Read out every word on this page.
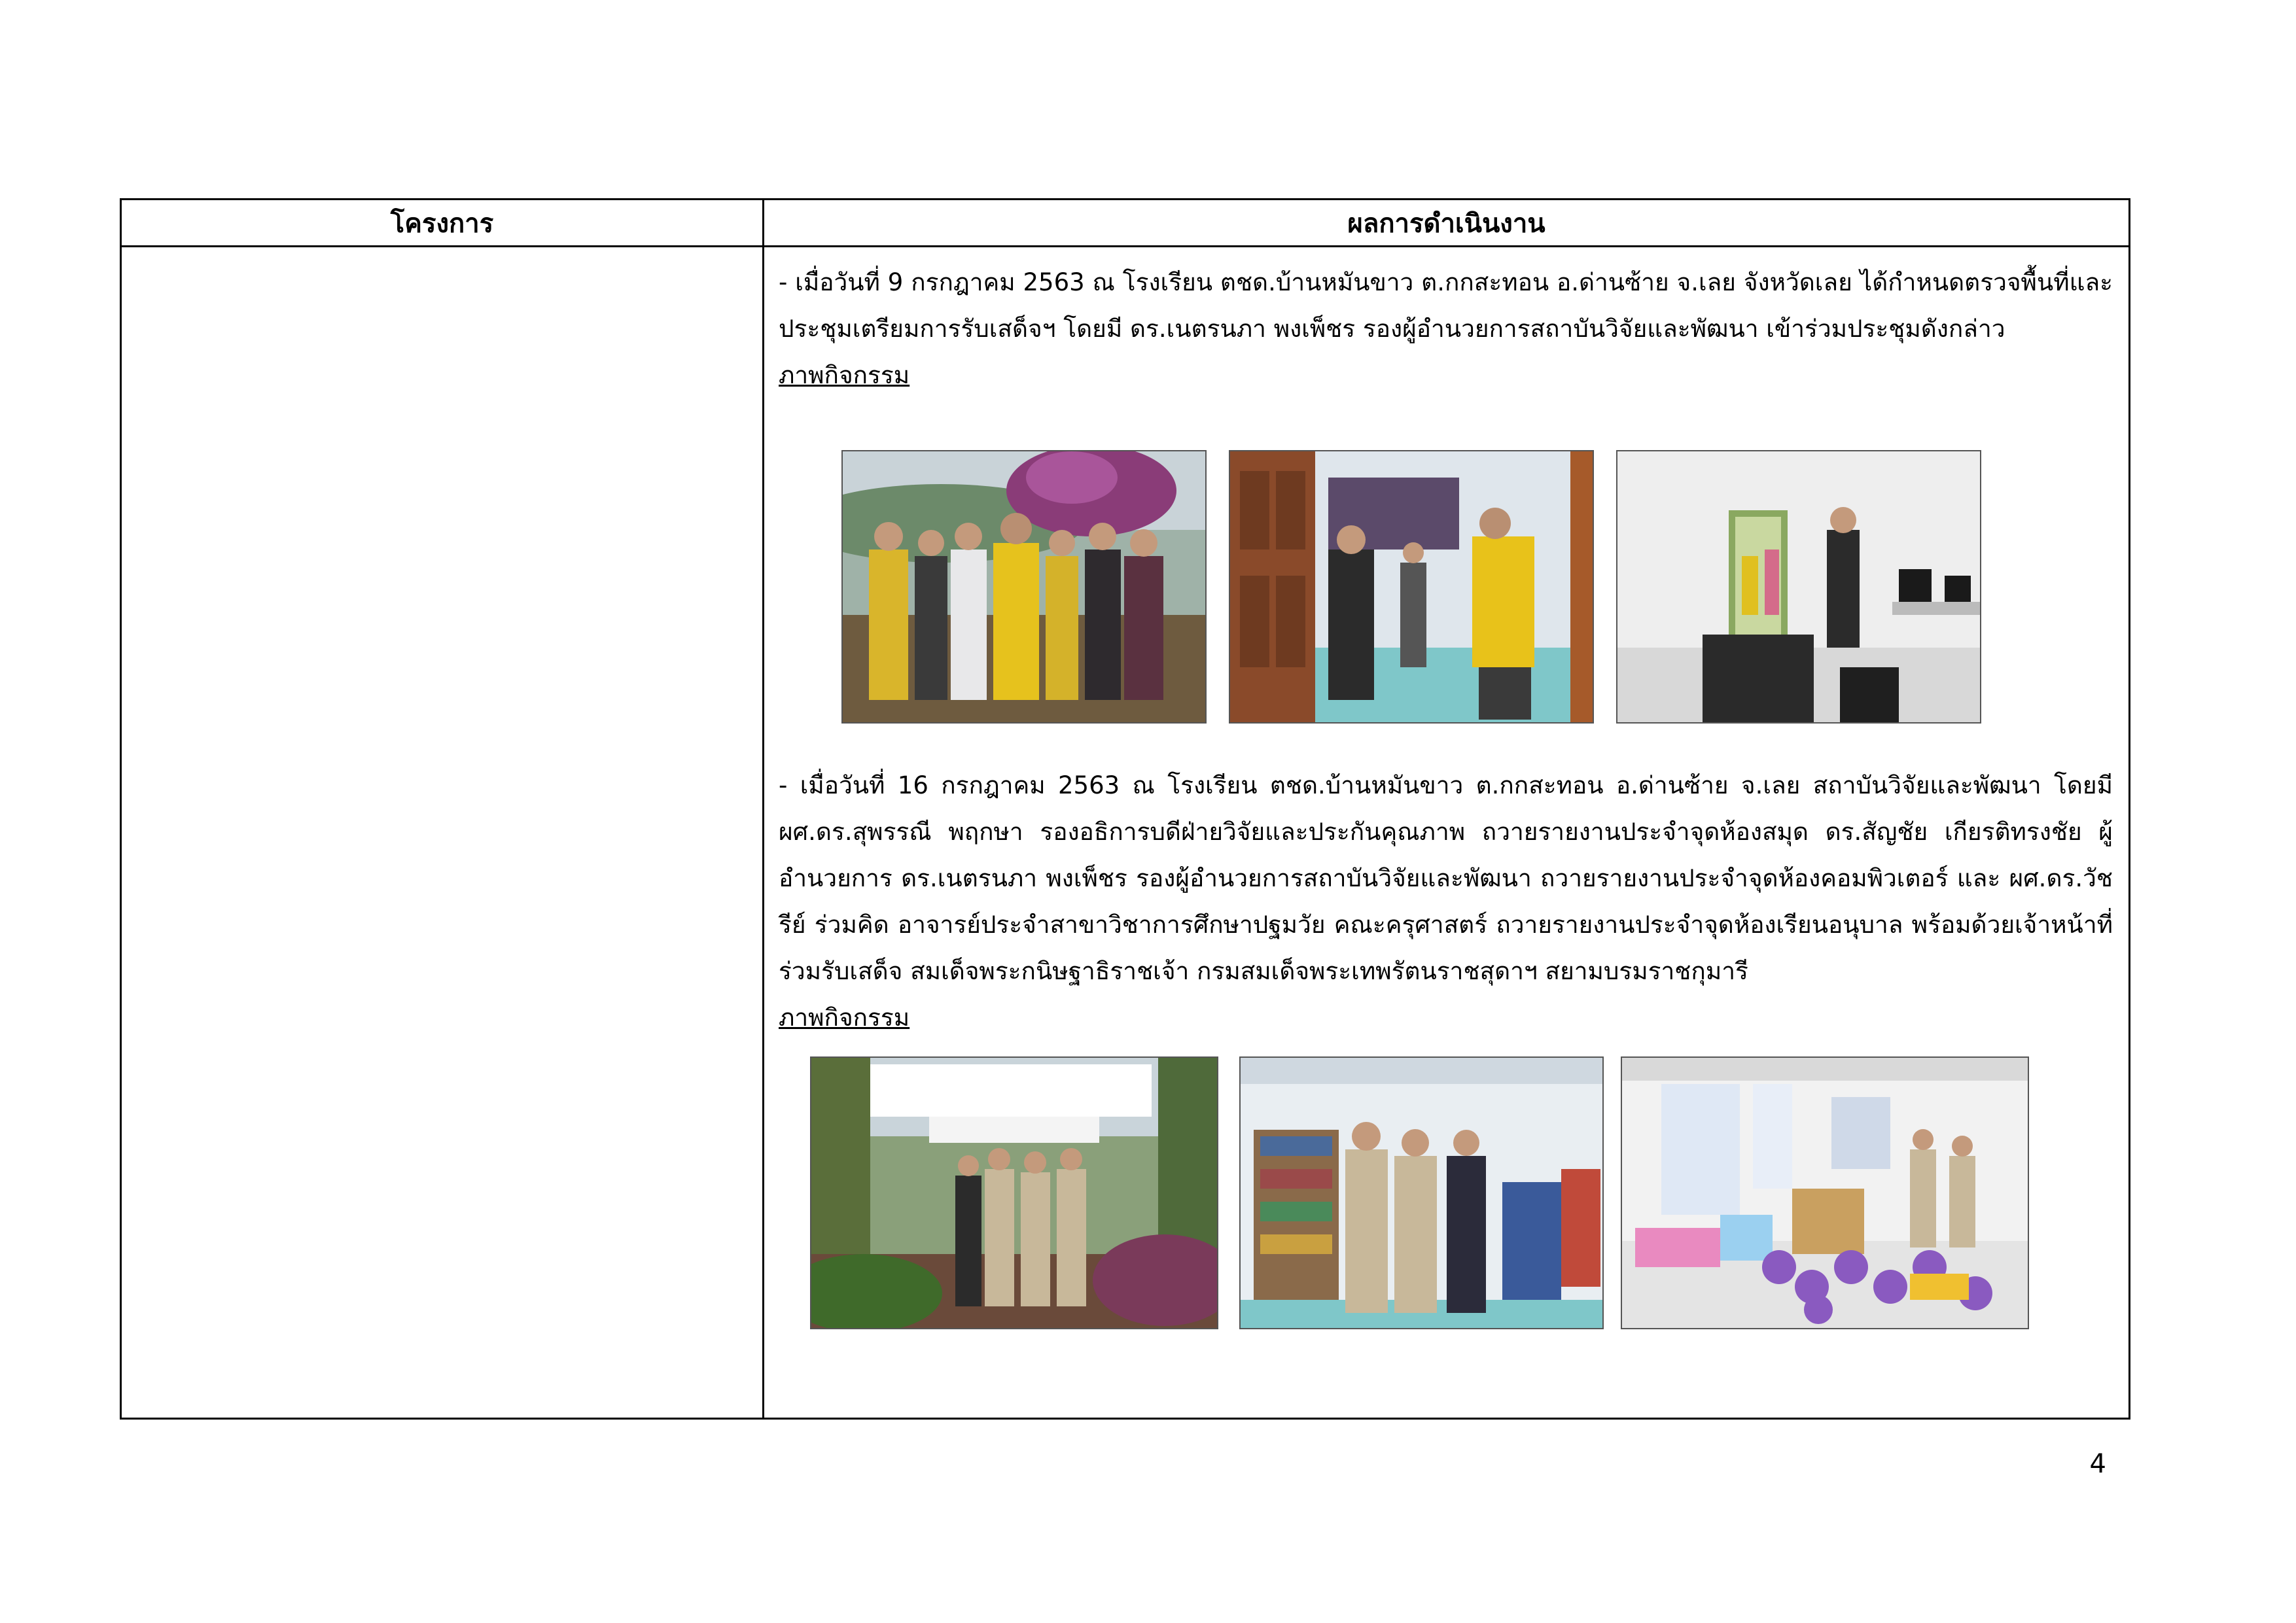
โครงการ	ผลการดำเนินงาน

	- เมื่อวันที่ 9 กรกฎาคม 2563 ณ โรงเรียน ตชด.บ้านหมันขาว ต.กกสะทอน อ.ด่านซ้าย จ.เลย จังหวัดเลย ได้กำหนดตรวจพื้นที่และประชุมเตรียมการรับเสด็จฯ โดยมี ดร.เนตรนภา พงเพ็ชร รองผู้อำนวยการสถาบันวิจัยและพัฒนา เข้าร่วมประชุมดังกล่าว

ภาพกิจกรรม

- เมื่อวันที่ 16 กรกฎาคม 2563 ณ โรงเรียน ตชด.บ้านหมันขาว ต.กกสะทอน อ.ด่านซ้าย จ.เลย สถาบันวิจัยและพัฒนา โดยมี ผศ.ดร.สุพรรณี พฤกษา รองอธิการบดีฝ่ายวิจัยและประกันคุณภาพ ถวายรายงานประจำจุดห้องสมุด ดร.สัญชัย เกียรติทรงชัย ผู้อำนวยการ ดร.เนตรนภา พงเพ็ชร รองผู้อำนวยการสถาบันวิจัยและพัฒนา ถวายรายงานประจำจุดห้องคอมพิวเตอร์ และ ผศ.ดร.วัชรีย์ ร่วมคิด อาจารย์ประจำสาขาวิชาการศึกษาปฐมวัย คณะครุศาสตร์ ถวายรายงานประจำจุดห้องเรียนอนุบาล พร้อมด้วยเจ้าหน้าที่ ร่วมรับเสด็จ สมเด็จพระกนิษฐาธิราชเจ้า กรมสมเด็จพระเทพรัตนราชสุดาฯ สยามบรมราชกุมารี

ภาพกิจกรรม

4
